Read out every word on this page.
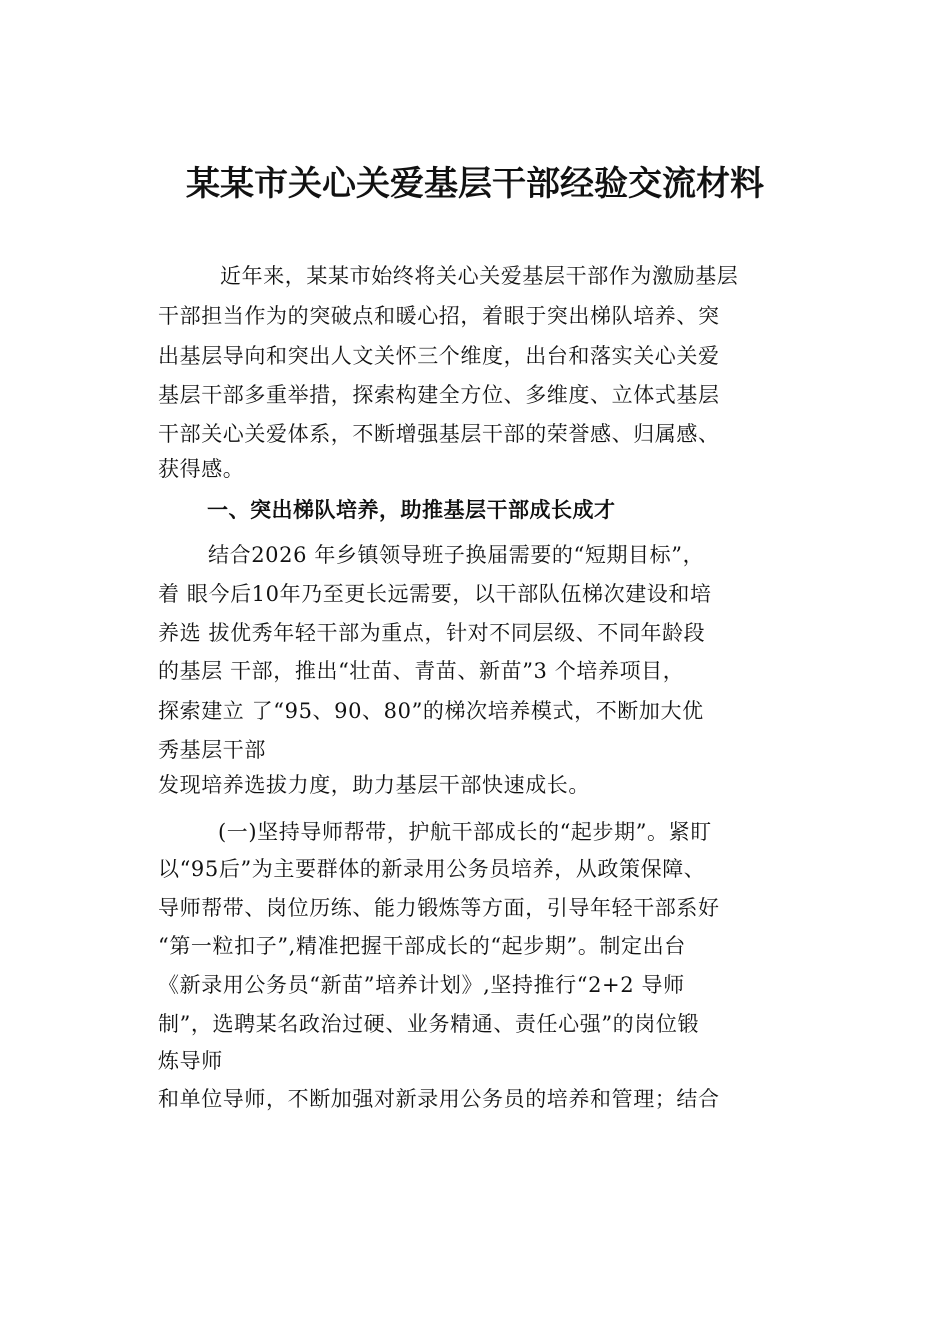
某某市关心关爱基层干部经验交流材料
近年来，某某市始终将关心关爱基层干部作为激励基层
干部担当作为的突破点和暖心招，着眼于突出梯队培养、突
出基层导向和突出人文关怀三个维度，出台和落实关心关爱
基层干部多重举措，探索构建全方位、多维度、立体式基层
干部关心关爱体系，不断增强基层干部的荣誉感、归属感、
获得感。
一、突出梯队培养，助推基层干部成长成才
结合2026 年乡镇领导班子换届需要的“短期目标”，
着 眼今后10年乃至更长远需要，以干部队伍梯次建设和培
养选 拔优秀年轻干部为重点，针对不同层级、不同年龄段
的基层 干部，推出“壮苗、青苗、新苗”3 个培养项目，
探索建立 了“95、90、80”的梯次培养模式，不断加大优
秀基层干部
发现培养选拔力度，助力基层干部快速成长。
(一)坚持导师帮带，护航干部成长的“起步期”。紧盯
以“95后”为主要群体的新录用公务员培养，从政策保障、
导师帮带、岗位历练、能力锻炼等方面，引导年轻干部系好
“第一粒扣子”,精准把握干部成长的“起步期”。制定出台
《新录用公务员“新苗”培养计划》,坚持推行“2+2 导师
制”，选聘某名政治过硬、业务精通、责任心强”的岗位锻
炼导师
和单位导师，不断加强对新录用公务员的培养和管理；结合
